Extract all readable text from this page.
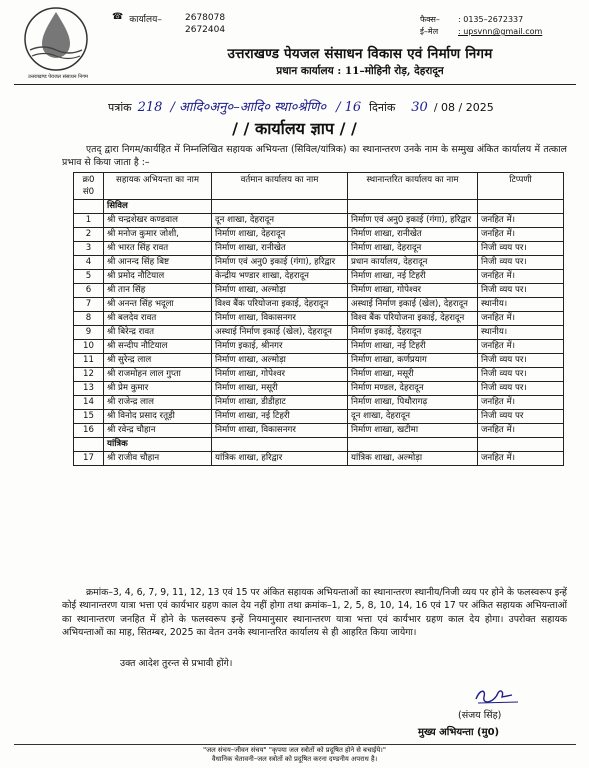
उत्तराखण्ड पेयजल संसाधन निगम
☎ कार्यालय–	2678078
2672404
फैक्स– : 0135–2672337
ई–मेल : upsvnn@gmail.com
उत्तराखण्ड पेयजल संसाधन विकास एवं निर्माण निगम
प्रधान कार्यालय : 11–मोहिनी रोड़, देहरादून
पत्रांक 218 / आदि०अनु०–आदि० स्था०श्रेणि० / 16 दिनांक 30 / 08 / 2025
/ / कार्यालय ज्ञाप / /
एतद् द्वारा निगम/कार्यहित में निम्नलिखित सहायक अभियन्ता (सिविल/यांत्रिक) का स्थानान्तरण उनके नाम के सम्मुख अंकित कार्यालय में तत्काल प्रभाव से किया जाता है :–
क्र0 सं0	सहायक अभियन्ता का नाम	वर्तमान कार्यालय का नाम	स्थानान्तरित कार्यालय का नाम	टिप्पणी
	सिविल			
1	श्री चन्द्रशेखर कण्डवाल	दून शाखा, देहरादून	निर्माण एवं अनु0 इकाई (गंगा), हरिद्वार	जनहित में।
2	श्री मनोज कुमार जोशी,	निर्माण शाखा, देहरादून	निर्माण शाखा, रानीखेत	जनहित में।
3	श्री भारत सिंह रावत	निर्माण शाखा, रानीखेत	निर्माण शाखा, देहरादून	निजी व्यय पर।
4	श्री आनन्द सिंह बिष्ट	निर्माण एवं अनु0 इकाई (गंगा), हरिद्वार	प्रधान कार्यालय, देहरादून	निजी व्यय पर।
5	श्री प्रमोद नौटियाल	केन्द्रीय भण्डार शाखा, देहरादून	निर्माण शाखा, नई टिहरी	जनहित में।
6	श्री तान सिंह	निर्माण शाखा, अल्मोड़ा	निर्माण शाखा, गोपेश्वर	निजी व्यय पर।
7	श्री अनन्त सिंह भदूला	विश्व बैंक परियोजना इकाई, देहरादून	अस्थाई निर्माण इकाई (खेल), देहरादून	स्थानीय।
8	श्री बलदेव रावत	निर्माण शाखा, विकासनगर	विश्व बैंक परियोजना इकाई, देहरादून	जनहित में।
9	श्री बिरेन्द्र रावत	अस्थाई निर्माण इकाई (खेल), देहरादून	निर्माण इकाई, देहरादून	स्थानीय।
10	श्री सन्दीप नौटियाल	निर्माण इकाई, श्रीनगर	निर्माण शाखा, नई टिहरी	जनहित में।
11	श्री सुरेन्द्र लाल	निर्माण शाखा, अल्मोड़ा	निर्माण शाखा, कर्णप्रयाग	निजी व्यय पर।
12	श्री राजमोहन लाल गुप्ता	निर्माण शाखा, गोपेश्वर	निर्माण शाखा, मसूरी	निजी व्यय पर।
13	श्री प्रेम कुमार	निर्माण शाखा, मसूरी	निर्माण मण्डल, देहरादून	निजी व्यय पर।
14	श्री राजेन्द्र लाल	निर्माण शाखा, डीडीहाट	निर्माण शाखा, पिथौरागढ़	जनहित में।
15	श्री विनोद प्रसाद रतूड़ी	निर्माण शाखा, नई टिहरी	दून शाखा, देहरादून	निजी व्यय पर
16	श्री रवेन्द्र चौहान	निर्माण शाखा, विकासनगर	निर्माण शाखा, खटीमा	जनहित में।
	यांत्रिक			
17	श्री राजीव चौहान	यांत्रिक शाखा, हरिद्वार	यांत्रिक शाखा, अल्मोड़ा	जनहित में।
क्रमांक–3, 4, 6, 7, 9, 11, 12, 13 एवं 15 पर अंकित सहायक अभियन्ताओं का स्थानान्तरण स्थानीय/निजी व्यय पर होने के फलस्वरूप इन्हें कोई स्थानान्तरण यात्रा भत्ता एवं कार्यभार ग्रहण काल देय नहीं होगा तथा क्रमांक–1, 2, 5, 8, 10, 14, 16 एवं 17 पर अंकित सहायक अभियन्ताओं का स्थानान्तरण जनहित में होने के फलस्वरूप इन्हें नियमानुसार स्थानान्तरण यात्रा भत्ता एवं कार्यभार ग्रहण काल देय होगा। उपरोक्त सहायक अभियन्ताओं का माह, सितम्बर, 2025 का वेतन उनके स्थानान्तरित कार्यालय से ही आहरित किया जायेगा।
उक्त आदेश तुरन्त से प्रभावी होंगे।
(संजय सिंह)
मुख्य अभियन्ता (मु0)
"जल संचय–जीवन संचय" "कृपया जल स्त्रोतों को प्रदूषित होने से बचाईये।"
वैधानिक चेतावनी–जल स्त्रोतों को प्रदूषित करना दण्डनीय अपराध है।
